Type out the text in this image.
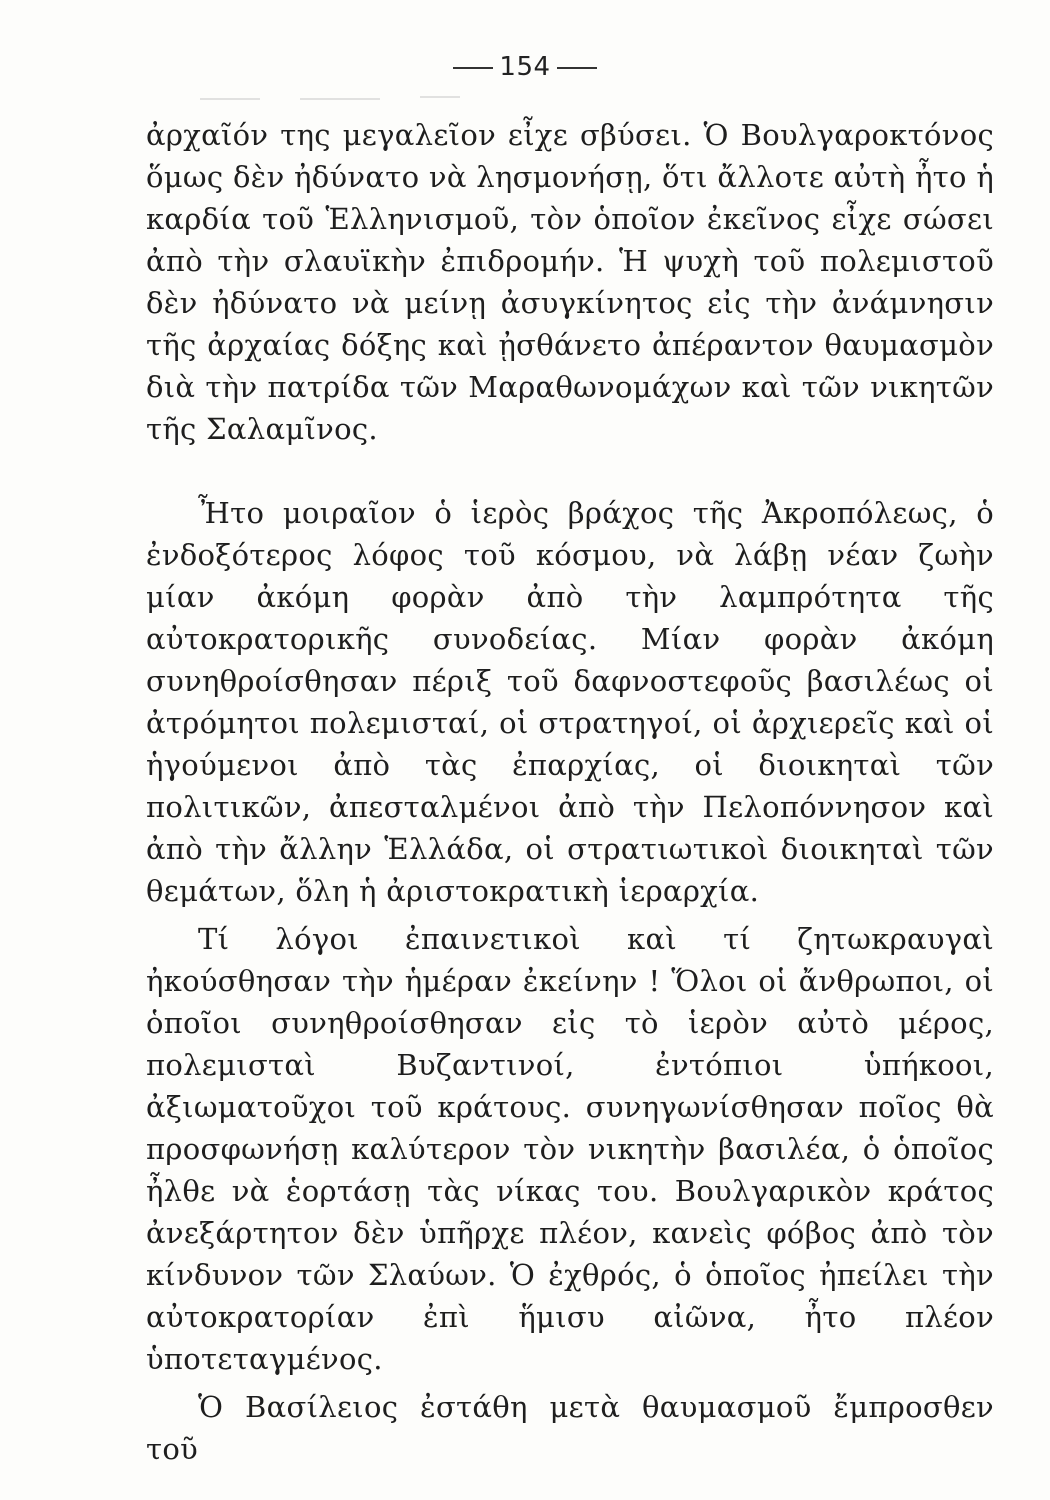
154

ἀρχαῖόν της μεγαλεῖον εἶχε σβύσει. Ὁ Βουλγαροκτόνος ὅμως δὲν ἠδύνατο νὰ λησμονήσῃ, ὅτι ἄλλοτε αὐτὴ ἦτο ἡ καρδία τοῦ Ἑλληνισμοῦ, τὸν ὁποῖον ἐκεῖνος εἶχε σώσει ἀπὸ τὴν σλαυϊκὴν ἐπιδρομήν. Ἡ ψυχὴ τοῦ πολεμιστοῦ δὲν ἠδύνατο νὰ μείνῃ ἀσυγκίνητος εἰς τὴν ἀνάμνησιν τῆς ἀρχαίας δόξης καὶ ᾐσθάνετο ἀπέραντον θαυμασμὸν διὰ τὴν πατρίδα τῶν Μαραθωνομάχων καὶ τῶν νικητῶν τῆς Σαλαμῖνος.

Ἦτο μοιραῖον ὁ ἱερὸς βράχος τῆς Ἀκροπόλεως, ὁ ἐνδοξότερος λόφος τοῦ κόσμου, νὰ λάβῃ νέαν ζωὴν μίαν ἀκόμη φορὰν ἀπὸ τὴν λαμπρότητα τῆς αὐτοκρατορικῆς συνοδείας. Μίαν φορὰν ἀκόμη συνηθροίσθησαν πέριξ τοῦ δαφνοστεφοῦς βασιλέως οἱ ἀτρόμητοι πολεμισταί, οἱ στρατηγοί, οἱ ἀρχιερεῖς καὶ οἱ ἡγούμενοι ἀπὸ τὰς ἐπαρχίας, οἱ διοικηταὶ τῶν πολιτικῶν, ἀπεσταλμένοι ἀπὸ τὴν Πελοπόννησον καὶ ἀπὸ τὴν ἄλλην Ἑλλάδα, οἱ στρατιωτικοὶ διοικηταὶ τῶν θεμάτων, ὅλη ἡ ἀριστοκρατικὴ ἱεραρχία.

Τί λόγοι ἐπαινετικοὶ καὶ τί ζητωκραυγαὶ ἠκούσθησαν τὴν ἡμέραν ἐκείνην ! Ὅλοι οἱ ἄνθρωποι, οἱ ὁποῖοι συνηθροίσθησαν εἰς τὸ ἱερὸν αὐτὸ μέρος, πολεμισταὶ Βυζαντινοί, ἐντόπιοι ὑπήκοοι, ἀξιωματοῦχοι τοῦ κράτους. συνηγωνίσθησαν ποῖος θὰ προσφωνήσῃ καλύτερον τὸν νικητὴν βασιλέα, ὁ ὁποῖος ἦλθε νὰ ἑορτάσῃ τὰς νίκας του. Βουλγαρικὸν κράτος ἀνεξάρτητον δὲν ὑπῆρχε πλέον, κανεὶς φόβος ἀπὸ τὸν κίνδυνον τῶν Σλαύων. Ὁ ἐχθρός, ὁ ὁποῖος ἠπείλει τὴν αὐτοκρατορίαν ἐπὶ ἥμισυ αἰῶνα, ἦτο πλέον ὑποτεταγμένος.

Ὁ Βασίλειος ἐστάθη μετὰ θαυμασμοῦ ἔμπροσθεν τοῦ
